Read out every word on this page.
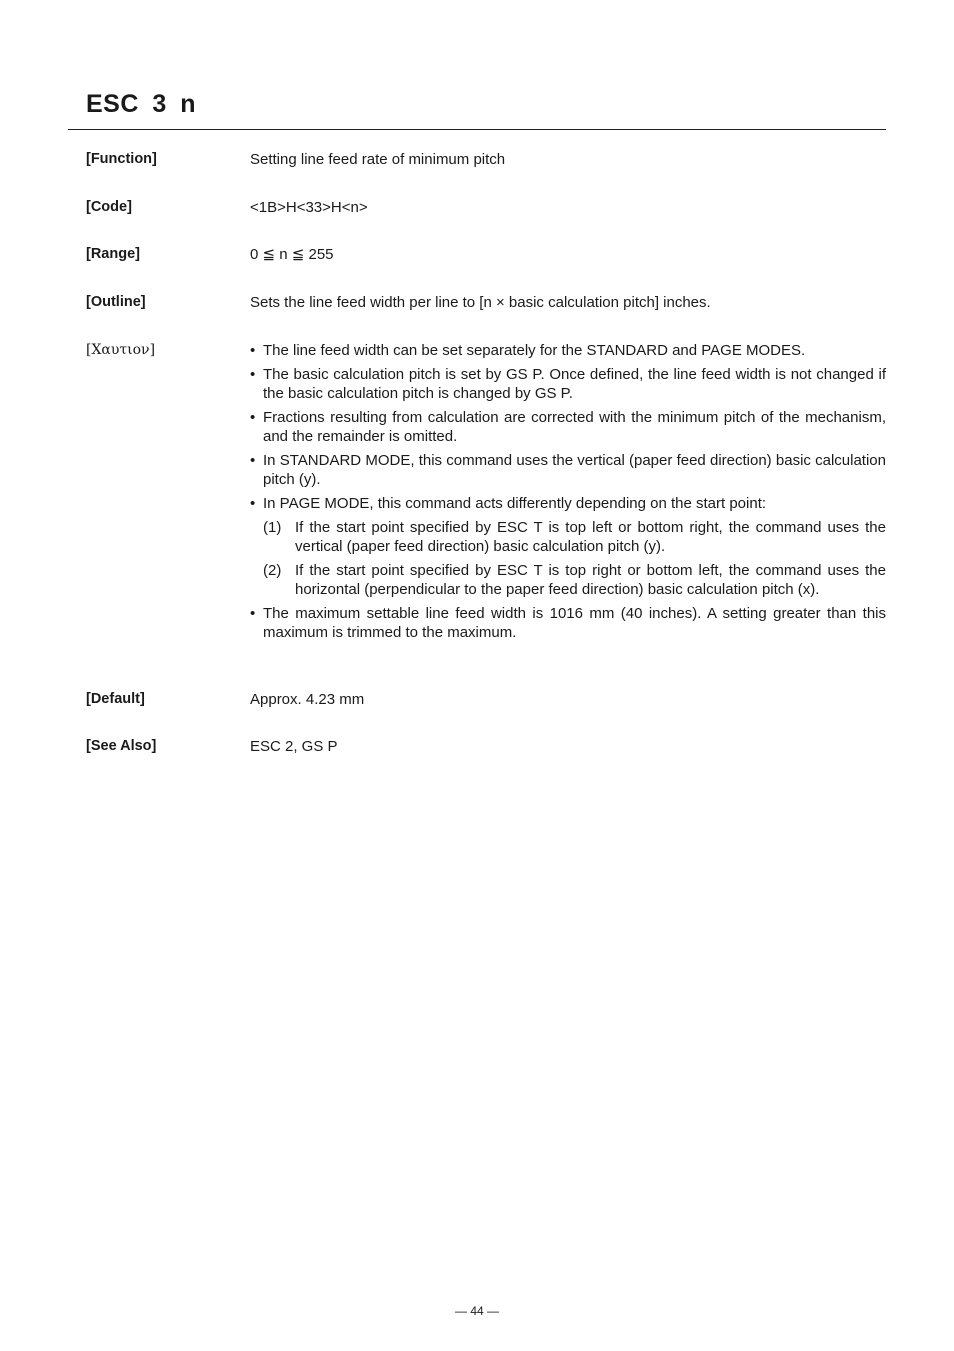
ESC 3 n
[Function]	Setting line feed rate of minimum pitch
[Code]	<1B>H<33>H<n>
[Range]	0 ≦ n ≦ 255
[Outline]	Sets the line feed width per line to [n × basic calculation pitch] inches.
[Χαυτιον]	• The line feed width can be set separately for the STANDARD and PAGE MODES.
• The basic calculation pitch is set by GS P. Once defined, the line feed width is not changed if the basic calculation pitch is changed by GS P.
• Fractions resulting from calculation are corrected with the minimum pitch of the mechanism, and the remainder is omitted.
• In STANDARD MODE, this command uses the vertical (paper feed direction) basic calculation pitch (y).
• In PAGE MODE, this command acts differently depending on the start point:
(1) If the start point specified by ESC T is top left or bottom right, the command uses the vertical (paper feed direction) basic calculation pitch (y).
(2) If the start point specified by ESC T is top right or bottom left, the command uses the horizontal (perpendicular to the paper feed direction) basic calculation pitch (x).
• The maximum settable line feed width is 1016 mm (40 inches). A setting greater than this maximum is trimmed to the maximum.
[Default]	Approx. 4.23 mm
[See Also]	ESC 2, GS P
— 44 —
